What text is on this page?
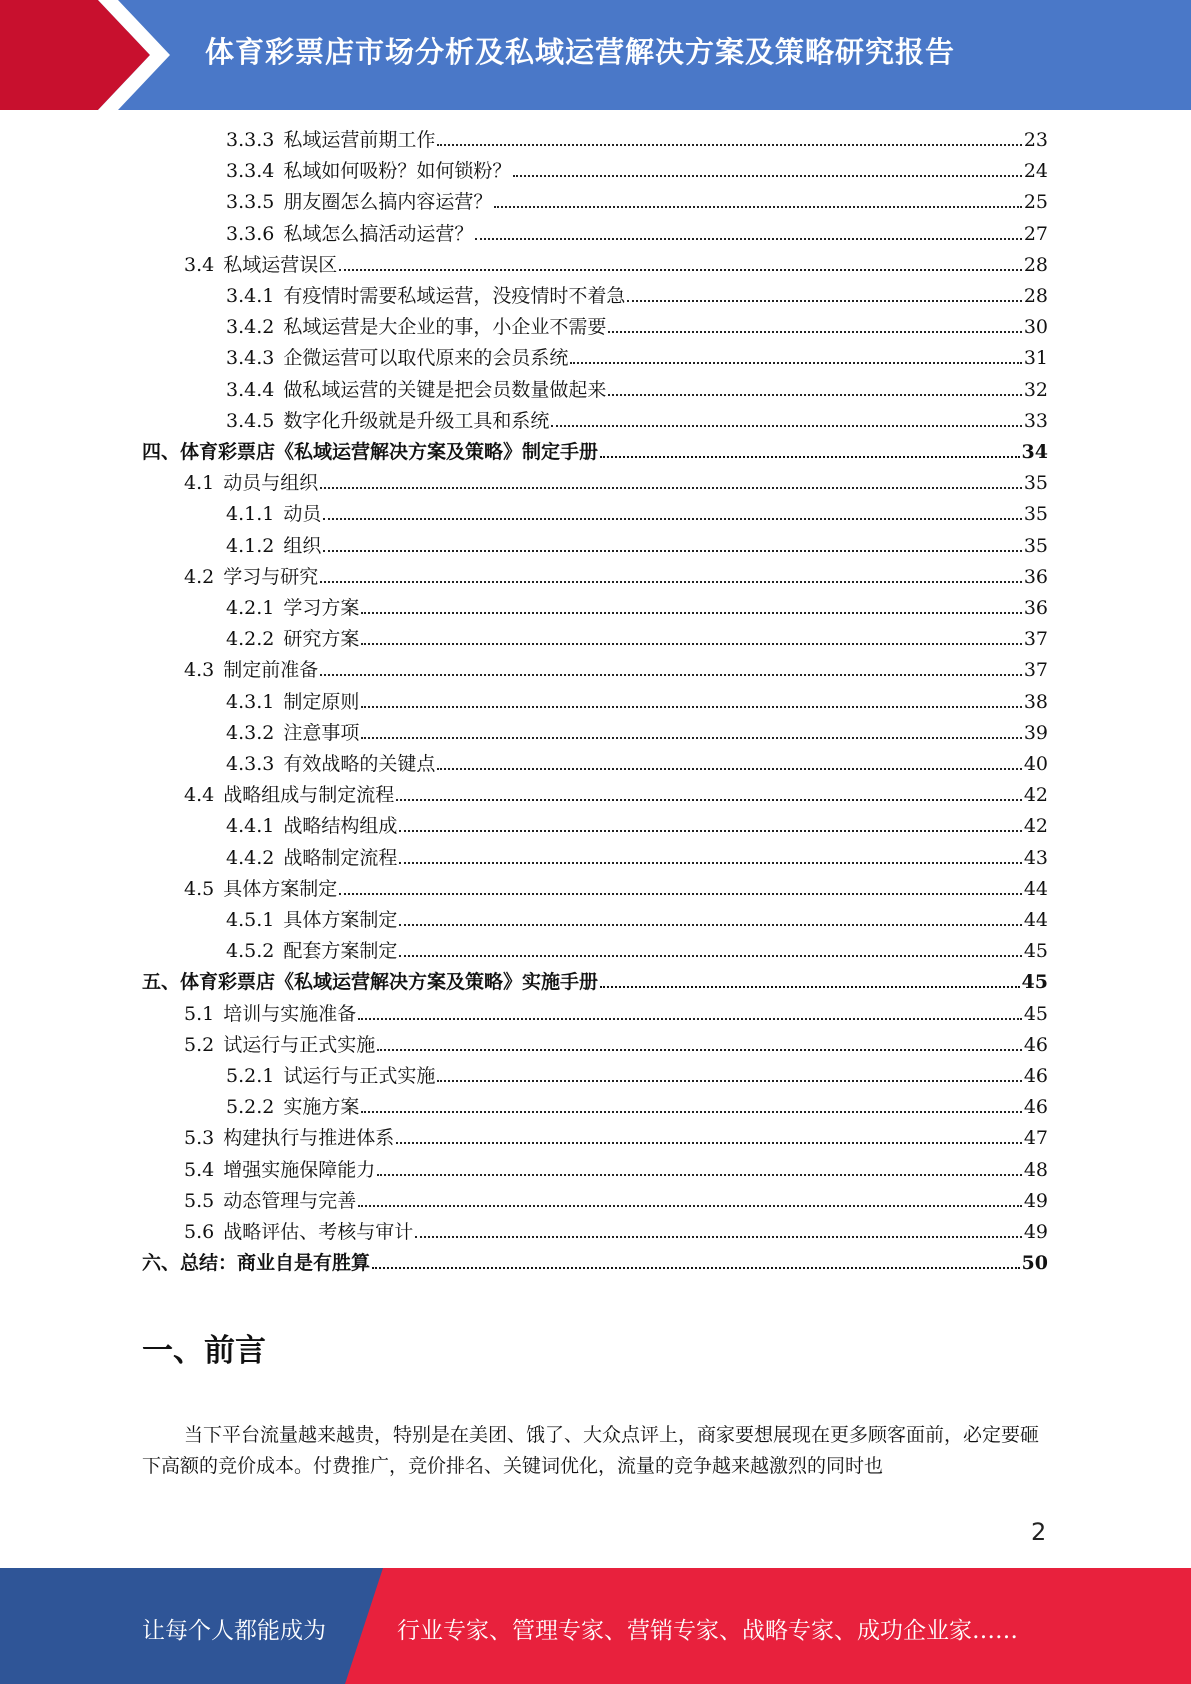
体育彩票店市场分析及私域运营解决方案及策略研究报告
3.3.3 私域运营前期工作	23
3.3.4 私域如何吸粉？如何锁粉？	24
3.3.5 朋友圈怎么搞内容运营？	25
3.3.6 私域怎么搞活动运营？	27
3.4 私域运营误区	28
3.4.1 有疫情时需要私域运营，没疫情时不着急	28
3.4.2 私域运营是大企业的事，小企业不需要	30
3.4.3 企微运营可以取代原来的会员系统	31
3.4.4 做私域运营的关键是把会员数量做起来	32
3.4.5 数字化升级就是升级工具和系统	33
四、体育彩票店《私域运营解决方案及策略》制定手册	34
4.1 动员与组织	35
4.1.1 动员	35
4.1.2 组织	35
4.2 学习与研究	36
4.2.1 学习方案	36
4.2.2 研究方案	37
4.3 制定前准备	37
4.3.1 制定原则	38
4.3.2 注意事项	39
4.3.3 有效战略的关键点	40
4.4 战略组成与制定流程	42
4.4.1 战略结构组成	42
4.4.2 战略制定流程	43
4.5 具体方案制定	44
4.5.1 具体方案制定	44
4.5.2 配套方案制定	45
五、体育彩票店《私域运营解决方案及策略》实施手册	45
5.1 培训与实施准备	45
5.2 试运行与正式实施	46
5.2.1 试运行与正式实施	46
5.2.2 实施方案	46
5.3 构建执行与推进体系	47
5.4 增强实施保障能力	48
5.5 动态管理与完善	49
5.6 战略评估、考核与审计	49
六、总结：商业自是有胜算	50
一、前言

当下平台流量越来越贵，特别是在美团、饿了、大众点评上，商家要想展现在更多顾客面前，必定要砸下高额的竞价成本。付费推广，竞价排名、关键词优化，流量的竞争越来越激烈的同时也

2
让每个人都能成为	行业专家、管理专家、营销专家、战略专家、成功企业家……
